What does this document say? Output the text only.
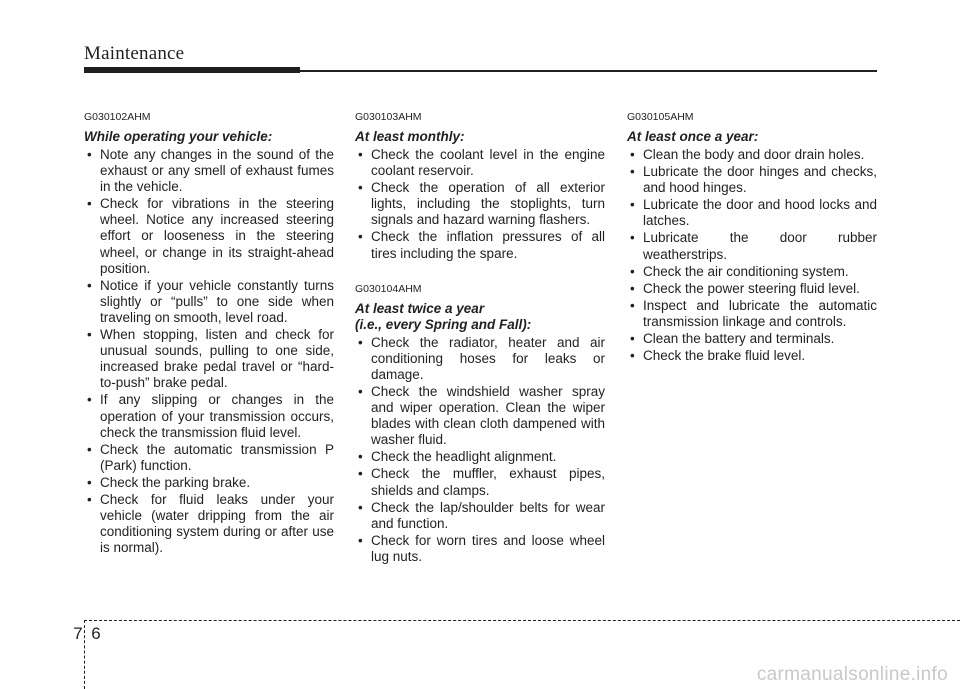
Maintenance
G030102AHM
While operating your vehicle:
• Note any changes in the sound of the exhaust or any smell of exhaust fumes in the vehicle.
• Check for vibrations in the steering wheel. Notice any increased steering effort or looseness in the steering wheel, or change in its straight-ahead position.
• Notice if your vehicle constantly turns slightly or “pulls” to one side when traveling on smooth, level road.
• When stopping, listen and check for unusual sounds, pulling to one side, increased brake pedal travel or “hard-to-push” brake pedal.
• If any slipping or changes in the operation of your transmission occurs, check the transmission fluid level.
• Check the automatic transmission P (Park) function.
• Check the parking brake.
• Check for fluid leaks under your vehicle (water dripping from the air conditioning system during or after use is normal).
G030103AHM
At least monthly:
• Check the coolant level in the engine coolant reservoir.
• Check the operation of all exterior lights, including the stoplights, turn signals and hazard warning flashers.
• Check the inflation pressures of all tires including the spare.
G030104AHM
At least twice a year
(i.e., every Spring and Fall):
• Check the radiator, heater and air conditioning hoses for leaks or damage.
• Check the windshield washer spray and wiper operation. Clean the wiper blades with clean cloth dampened with washer fluid.
• Check the headlight alignment.
• Check the muffler, exhaust pipes, shields and clamps.
• Check the lap/shoulder belts for wear and function.
• Check for worn tires and loose wheel lug nuts.
G030105AHM
At least once a year:
• Clean the body and door drain holes.
• Lubricate the door hinges and checks, and hood hinges.
• Lubricate the door and hood locks and latches.
• Lubricate the door rubber weatherstrips.
• Check the air conditioning system.
• Check the power steering fluid level.
• Inspect and lubricate the automatic transmission linkage and controls.
• Clean the battery and terminals.
• Check the brake fluid level.
7 6
carmanualsonline.info
